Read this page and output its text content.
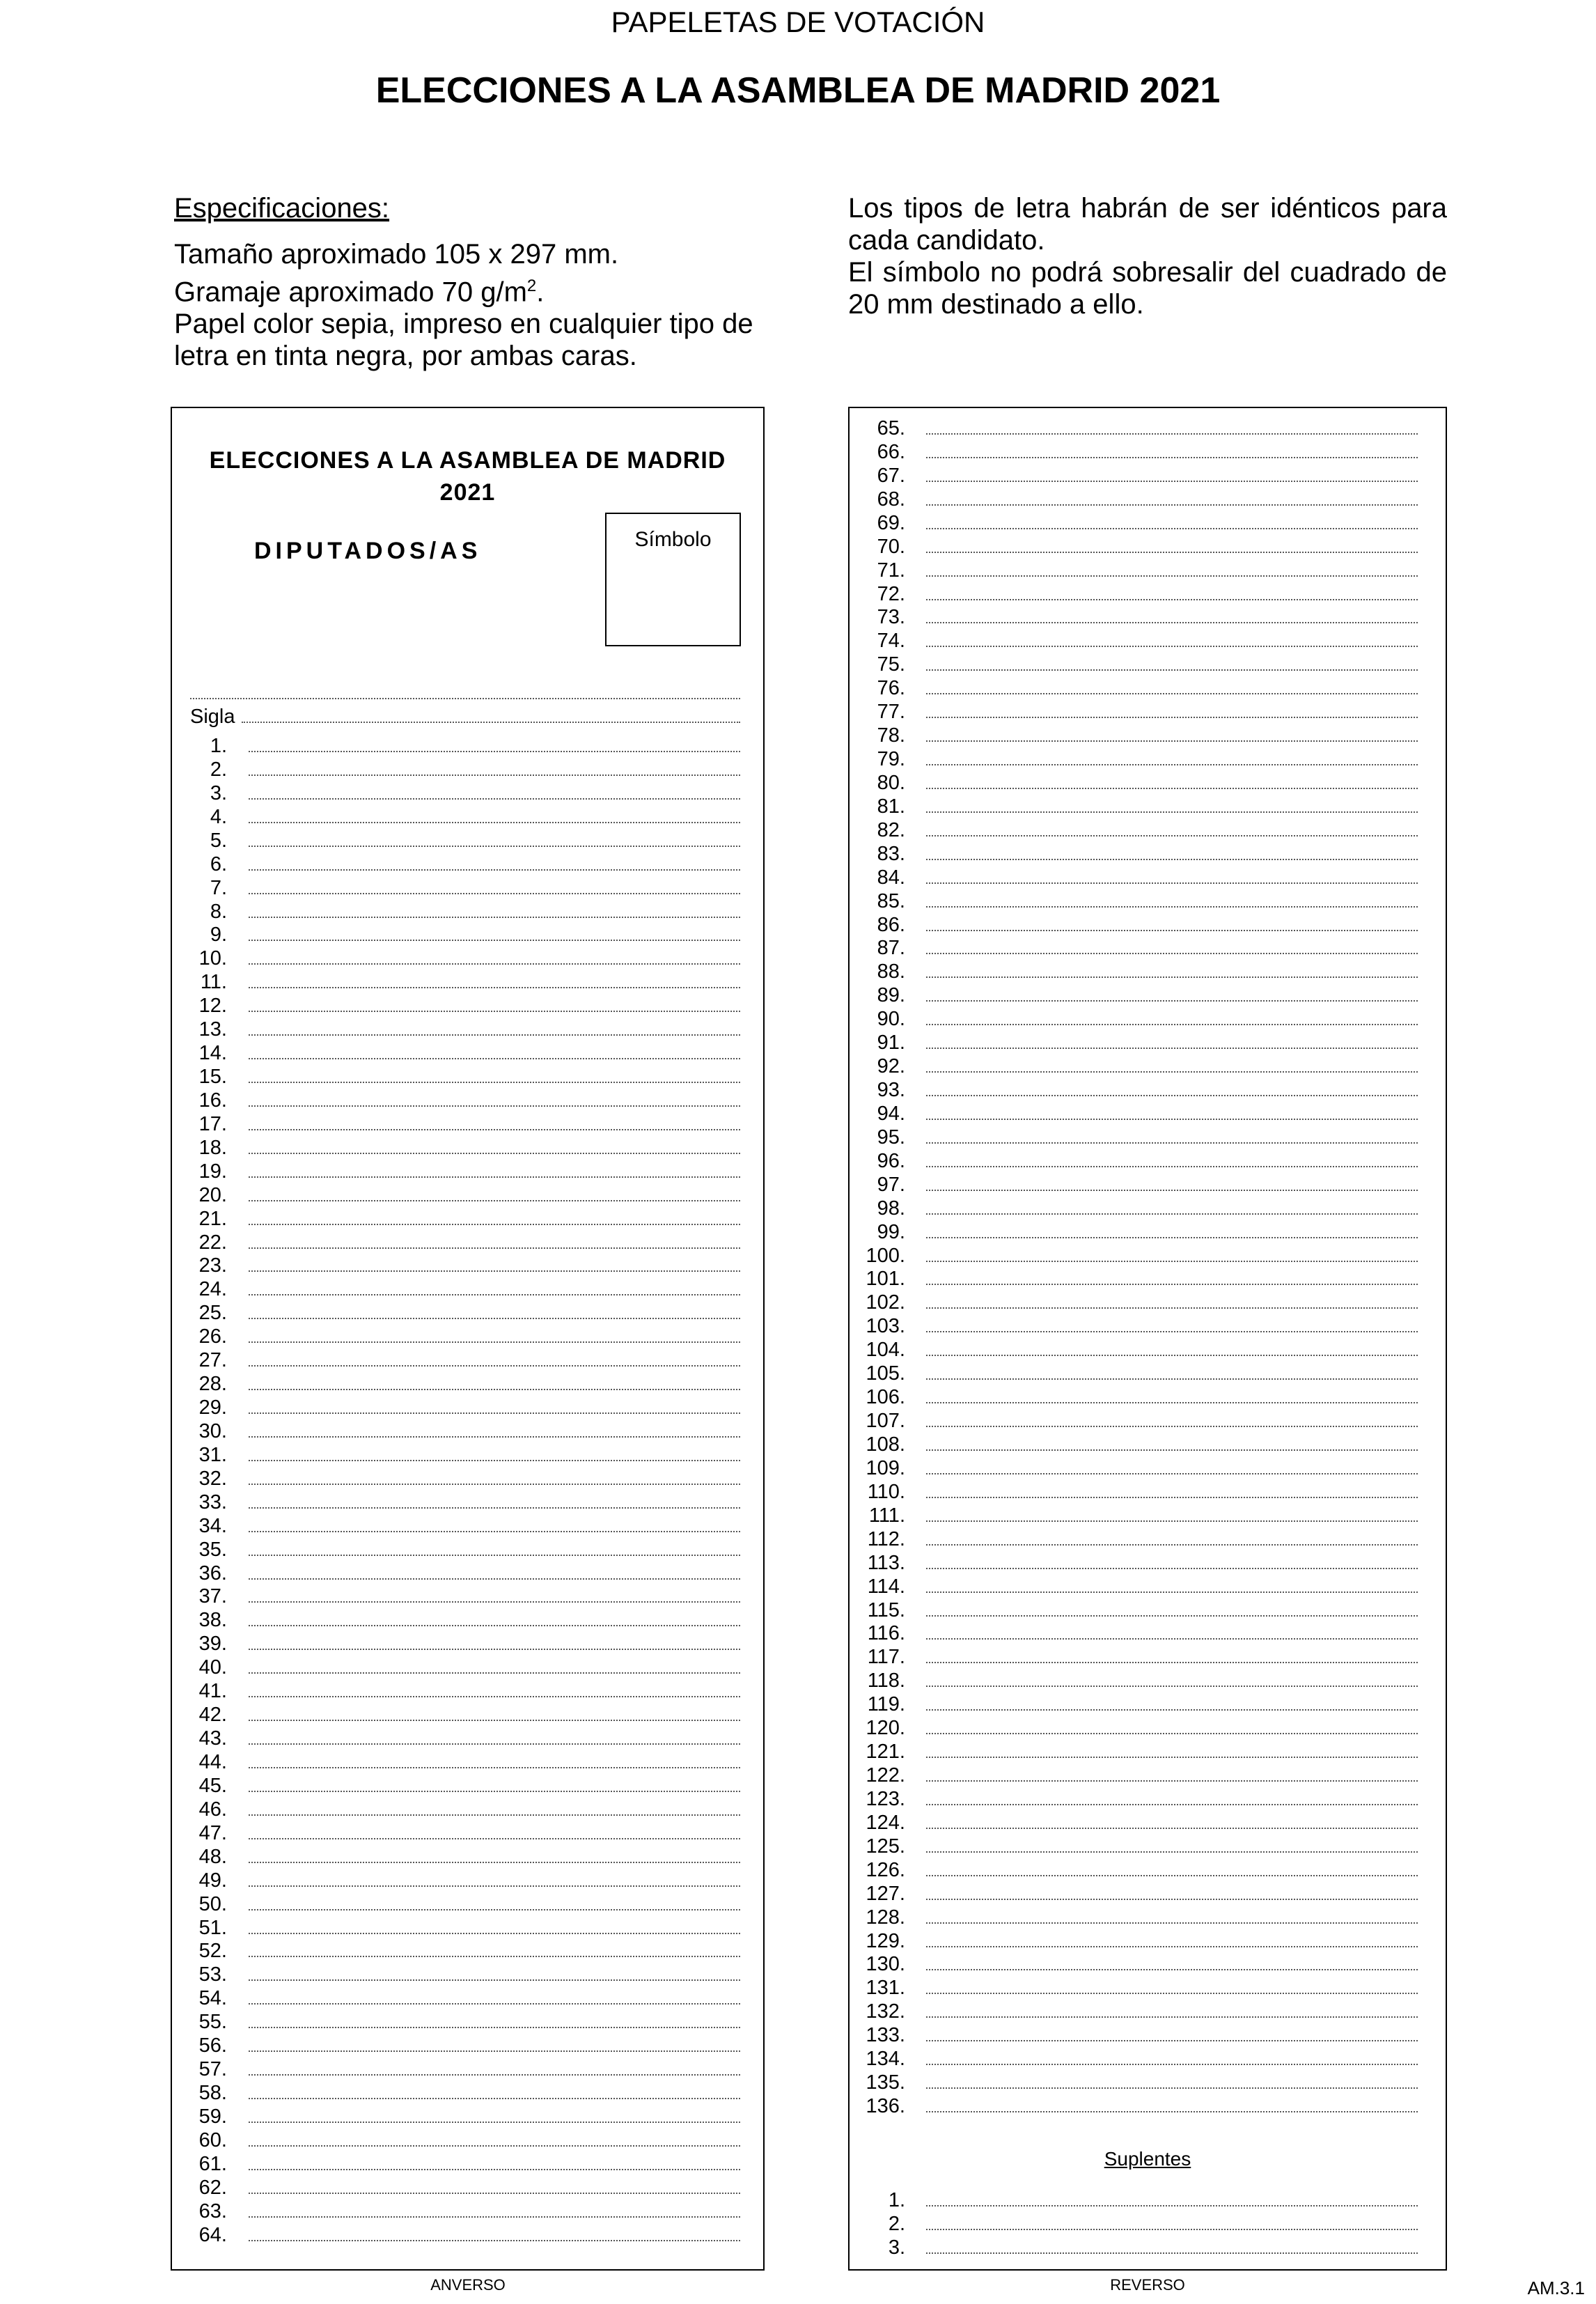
PAPELETAS DE VOTACIÓN
ELECCIONES A LA ASAMBLEA DE MADRID 2021
Especificaciones:
Tamaño aproximado 105 x 297 mm.
Gramaje aproximado 70 $g/m^2$.
Papel color sepia, impreso en cualquier tipo de letra en tinta negra, por ambas caras.
Los tipos de letra habrán de ser idénticos para cada candidato.
El símbolo no podrá sobresalir del cuadrado de 20 mm destinado a ello.
ELECCIONES A LA ASAMBLEA DE MADRID
2021
DIPUTADOS/AS	Símbolo
Sigla
1.
2.
3.
4.
5.
6.
7.
8.
9.
10.
11.
12.
13.
14.
15.
16.
17.
18.
19.
20.
21.
22.
23.
24.
25.
26.
27.
28.
29.
30.
31.
32.
33.
34.
35.
36.
37.
38.
39.
40.
41.
42.
43.
44.
45.
46.
47.
48.
49.
50.
51.
52.
53.
54.
55.
56.
57.
58.
59.
60.
61.
62.
63.
64.
ANVERSO
65.
66.
67.
68.
69.
70.
71.
72.
73.
74.
75.
76.
77.
78.
79.
80.
81.
82.
83.
84.
85.
86.
87.
88.
89.
90.
91.
92.
93.
94.
95.
96.
97.
98.
99.
100.
101.
102.
103.
104.
105.
106.
107.
108.
109.
110.
111.
112.
113.
114.
115.
116.
117.
118.
119.
120.
121.
122.
123.
124.
125.
126.
127.
128.
129.
130.
131.
132.
133.
134.
135.
136.
Suplentes
1.
2.
3.
REVERSO	AM.3.1
